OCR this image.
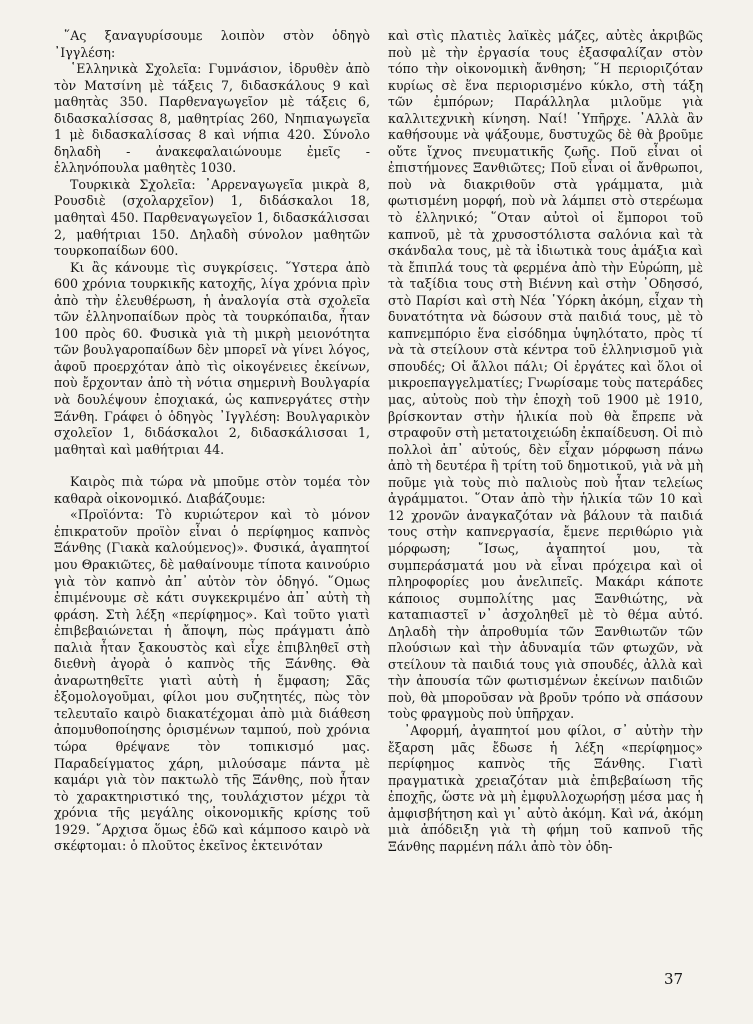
῞Ας ξαναγυρίσουμε λοιπὸν στὸν ὁδηγὸ ᾽Ιγγλέση:

῾Ελληνικὰ Σχολεῖα: Γυμνάσιον, ἱδρυθὲν ἀπὸ τὸν Ματσίνη μὲ τάξεις 7, διδασκάλους 9 καὶ μαθητὰς 350. Παρθεναγωγεῖον μὲ τάξεις 6, διδασκαλίσσας 8, μαθητρίας 260, Νηπιαγωγεῖα 1 μὲ διδασκαλίσσας 8 καὶ νήπια 420. Σύνολο δηλαδὴ - ἀνακεφαλαιώνουμε ἐμεῖς - ἑλληνόπουλα μαθητὲς 1030.

Τουρκικὰ Σχολεῖα: ᾽Αρρεναγωγεῖα μικρὰ 8, Ρουσδιὲ (σχολαρχεῖον) 1, διδάσκαλοι 18, μαθηταὶ 450. Παρθεναγωγεῖον 1, διδασκάλισσαι 2, μαθήτριαι 150. Δηλαδὴ σύνολον μαθητῶν τουρκοπαίδων 600.

Κι ἂς κάνουμε τὶς συγκρίσεις. ῞Υστερα ἀπὸ 600 χρόνια τουρκικῆς κατοχῆς, λίγα χρόνια πρὶν ἀπὸ τὴν ἐλευθέρωση, ἡ ἀναλογία στὰ σχολεῖα τῶν ἑλληνοπαίδων πρὸς τὰ τουρκόπαιδα, ἦταν 100 πρὸς 60. Φυσικὰ γιὰ τὴ μικρὴ μειονότητα τῶν βουλγαροπαίδων δὲν μπορεῖ νὰ γίνει λόγος, ἀφοῦ προερχόταν ἀπὸ τὶς οἰκογένειες ἐκείνων, ποὺ ἔρχονταν ἀπὸ τὴ νότια σημερινὴ Βουλγαρία νὰ δουλέψουν ἐποχιακά, ὡς καπνεργάτες στὴν Ξάνθη. Γράφει ὁ ὁδηγὸς ᾽Ιγγλέση: Βουλγαρικὸν σχολεῖον 1, διδάσκαλοι 2, διδασκάλισσαι 1, μαθηταὶ καὶ μαθήτριαι 44.

Καιρὸς πιὰ τώρα νὰ μποῦμε στὸν τομέα τὸν καθαρὰ οἰκονομικό. Διαβάζουμε:

«Προϊόντα: Τὸ κυριώτερον καὶ τὸ μόνον ἐπικρατοῦν προϊὸν εἶναι ὁ περίφημος καπνὸς Ξάνθης (Γιακὰ καλούμενος)». Φυσικά, ἀγαπητοί μου Θρακιῶτες, δὲ μαθαίνουμε τίποτα καινούριο γιὰ τὸν καπνὸ ἀπ᾽ αὐτὸν τὸν ὁδηγό. ῞Ομως ἐπιμένουμε σὲ κάτι συγκεκριμένο ἀπ᾽ αὐτὴ τὴ φράση. Στὴ λέξη «περίφημος». Καὶ τοῦτο γιατὶ ἐπιβεβαιώνεται ἡ ἄποψη, πὼς πράγματι ἀπὸ παλιὰ ἦταν ξακουστὸς καὶ εἶχε ἐπιβληθεῖ στὴ διεθνὴ ἀγορὰ ὁ καπνὸς τῆς Ξάνθης. Θὰ ἀναρωτηθεῖτε γιατὶ αὐτὴ ἡ ἔμφαση; Σᾶς ἐξομολογοῦμαι, φίλοι μου συζητητές, πὼς τὸν τελευταῖο καιρὸ διακατέχομαι ἀπὸ μιὰ διάθεση ἀπομυθοποίησης ὁρισμένων ταμπού, ποὺ χρόνια τώρα θρέψανε τὸν τοπικισμό μας. Παραδείγματος χάρη, μιλούσαμε πάντα μὲ καμάρι γιὰ τὸν πακτωλὸ τῆς Ξάνθης, ποὺ ἦταν τὸ χαρακτηριστικό της, τουλάχιστον μέχρι τὰ χρόνια τῆς μεγάλης οἰκονομικῆς κρίσης τοῦ 1929. ῎Αρχισα ὅμως ἐδῶ καὶ κάμποσο καιρὸ νὰ σκέφτομαι: ὁ πλοῦτος ἐκεῖνος ἐκτεινόταν

καὶ στὶς πλατιὲς λαϊκὲς μάζες, αὐτὲς ἀκριβῶς ποὺ μὲ τὴν ἐργασία τους ἐξασφαλίζαν στὸν τόπο τὴν οἰκονομικὴ ἄνθηση; ῞Η περιοριζόταν κυρίως σὲ ἕνα περιορισμένο κύκλο, στὴ τάξη τῶν ἐμπόρων; Παράλληλα μιλοῦμε γιὰ καλλιτεχνικὴ κίνηση. Ναί! ῾Υπῆρχε. ᾽Αλλὰ ἂν καθήσουμε νὰ ψάξουμε, δυστυχῶς δὲ θὰ βροῦμε οὔτε ἴχνος πνευματικῆς ζωῆς. Ποῦ εἶναι οἱ ἐπιστήμονες Ξανθιῶτες; Ποῦ εἶναι οἱ ἄνθρωποι, ποὺ νὰ διακριθοῦν στὰ γράμματα, μιὰ φωτισμένη μορφή, ποὺ νὰ λάμπει στὸ στερέωμα τὸ ἑλληνικό; ῞Οταν αὐτοὶ οἱ ἔμποροι τοῦ καπνοῦ, μὲ τὰ χρυσοστόλιστα σαλόνια καὶ τὰ σκάνδαλα τους, μὲ τὰ ἰδιωτικὰ τους ἁμάξια καὶ τὰ ἔπιπλά τους τὰ φερμένα ἀπὸ τὴν Εὐρώπη, μὲ τὰ ταξίδια τους στὴ Βιέννη καὶ στὴν ᾽Οδησσό, στὸ Παρίσι καὶ στὴ Νέα ῾Υόρκη ἀκόμη, εἶχαν τὴ δυνατότητα νὰ δώσουν στὰ παιδιά τους, μὲ τὸ καπνεμπόριο ἕνα εἰσόδημα ὑψηλότατο, πρὸς τί νὰ τὰ στείλουν στὰ κέντρα τοῦ ἑλληνισμοῦ γιὰ σπουδές; Οἱ ἄλλοι πάλι; Οἱ ἐργάτες καὶ ὅλοι οἱ μικροεπαγγελματίες; Γνωρίσαμε τοὺς πατεράδες μας, αὐτοὺς ποὺ τὴν ἐποχὴ τοῦ 1900 μὲ 1910, βρίσκονταν στὴν ἡλικία ποὺ θὰ ἔπρεπε νὰ στραφοῦν στὴ μετατοιχειώδη ἐκπαίδευση. Οἱ πιὸ πολλοὶ ἀπ᾽ αὐτούς, δὲν εἶχαν μόρφωση πάνω ἀπὸ τὴ δευτέρα ἢ τρίτη τοῦ δημοτικοῦ, γιὰ νὰ μὴ ποῦμε γιὰ τοὺς πιὸ παλιοὺς ποὺ ἦταν τελείως ἀγράμματοι. ῞Οταν ἀπὸ τὴν ἡλικία τῶν 10 καὶ 12 χρονῶν ἀναγκαζόταν νὰ βάλουν τὰ παιδιά τους στὴν καπνεργασία, ἔμενε περιθώριο γιὰ μόρφωση; ῎Ισως, ἀγαπητοί μου, τὰ συμπεράσματά μου νὰ εἶναι πρόχειρα καὶ οἱ πληροφορίες μου ἀνελιπεῖς. Μακάρι κάποτε κάποιος συμπολίτης μας Ξανθιώτης, νὰ καταπιαστεῖ ν᾽ ἀσχοληθεῖ μὲ τὸ θέμα αὐτό. Δηλαδὴ τὴν ἀπροθυμία τῶν Ξανθιωτῶν τῶν πλούσιων καὶ τὴν ἀδυναμία τῶν φτωχῶν, νὰ στείλουν τὰ παιδιά τους γιὰ σπουδές, ἀλλὰ καὶ τὴν ἀπουσία τῶν φωτισμένων ἐκείνων παιδιῶν ποὺ, θὰ μποροῦσαν νὰ βροῦν τρόπο νὰ σπάσουν τοὺς φραγμοὺς ποὺ ὑπῆρχαν.

᾽Αφορμή, ἀγαπητοί μου φίλοι, σ᾽ αὐτὴν τὴν ἔξαρση μᾶς ἔδωσε ἡ λέξη «περίφημος» περίφημος καπνὸς τῆς Ξάνθης. Γιατὶ πραγματικὰ χρειαζόταν μιὰ ἐπιβεβαίωση τῆς ἐποχῆς, ὥστε νὰ μὴ ἐμφυλλοχωρήσῃ μέσα μας ἡ ἀμφισβήτηση καὶ γι᾽ αὐτὸ ἀκόμη. Καὶ νά, ἀκόμη μιὰ ἀπόδειξη γιὰ τὴ φήμη τοῦ καπνοῦ τῆς Ξάνθης παρμένη πάλι ἀπὸ τὸν ὁδη-

37
